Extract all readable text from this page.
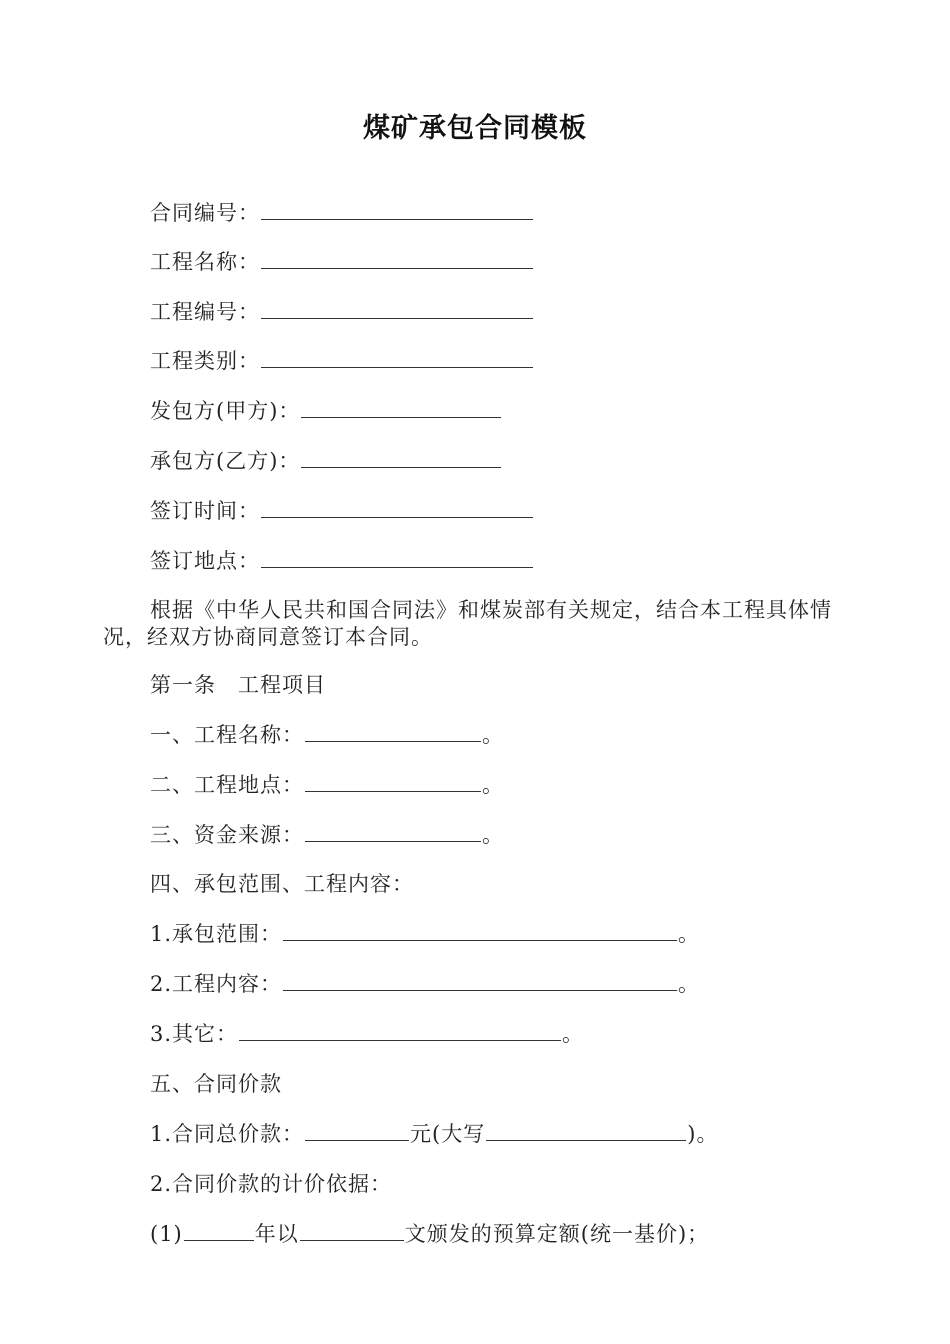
煤矿承包合同模板
合同编号：
工程名称：
工程编号：
工程类别：
发包方(甲方)：
承包方(乙方)：
签订时间：
签订地点：
根据《中华人民共和国合同法》和煤炭部有关规定，结合本工程具体情况，经双方协商同意签订本合同。
第一条　工程项目
一、工程名称：	。
二、工程地点：	。
三、资金来源：	。
四、承包范围、工程内容：
1.承包范围：	。
2.工程内容：	。
3.其它：	。
五、合同价款
1.合同总价款：	元(大写	)。
2.合同价款的计价依据：
(1)	年以	文颁发的预算定额(统一基价)；
